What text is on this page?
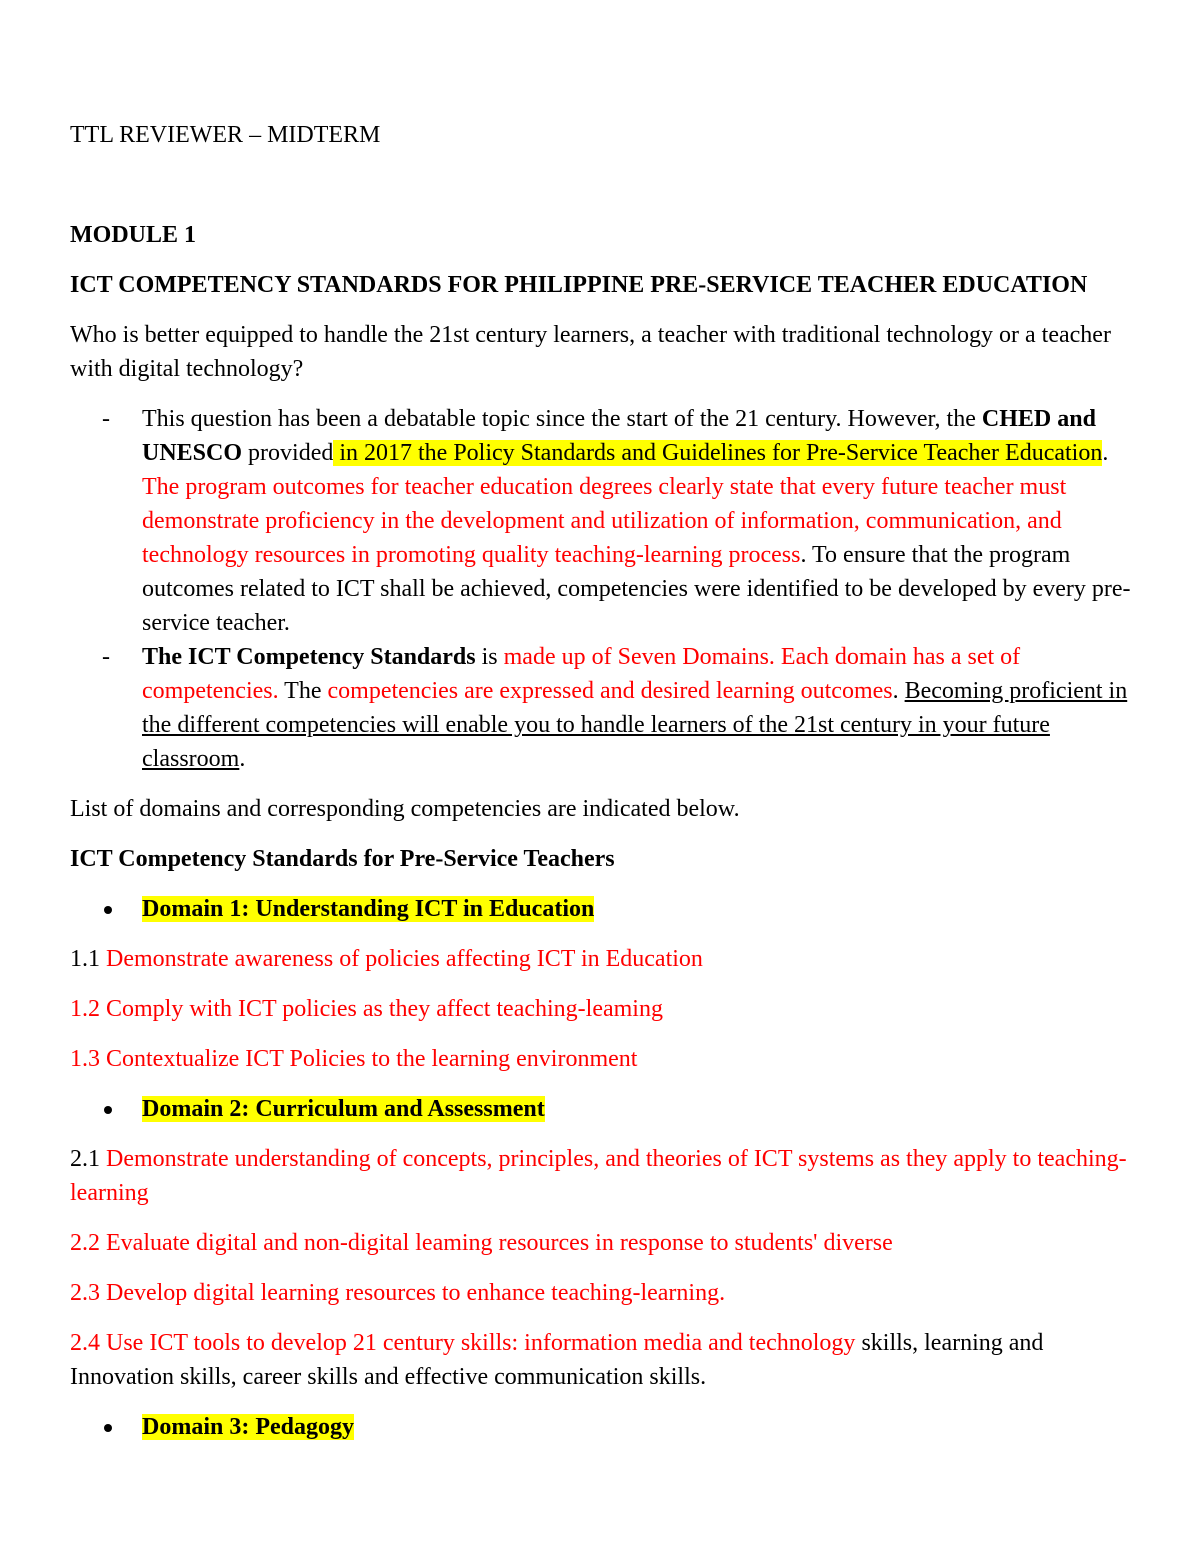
TTL REVIEWER – MIDTERM

MODULE 1

ICT COMPETENCY STANDARDS FOR PHILIPPINE PRE-SERVICE TEACHER EDUCATION

Who is better equipped to handle the 21st century learners, a teacher with traditional technology or a teacher with digital technology?

- This question has been a debatable topic since the start of the 21 century. However, the CHED and UNESCO provided in 2017 the Policy Standards and Guidelines for Pre-Service Teacher Education. The program outcomes for teacher education degrees clearly state that every future teacher must demonstrate proficiency in the development and utilization of information, communication, and technology resources in promoting quality teaching-learning process. To ensure that the program outcomes related to ICT shall be achieved, competencies were identified to be developed by every pre-service teacher.
- The ICT Competency Standards is made up of Seven Domains. Each domain has a set of competencies. The competencies are expressed and desired learning outcomes. Becoming proficient in the different competencies will enable you to handle learners of the 21st century in your future classroom.

List of domains and corresponding competencies are indicated below.

ICT Competency Standards for Pre-Service Teachers

Domain 1: Understanding ICT in Education

1.1 Demonstrate awareness of policies affecting ICT in Education

1.2 Comply with ICT policies as they affect teaching-leaming

1.3 Contextualize ICT Policies to the learning environment

Domain 2: Curriculum and Assessment

2.1 Demonstrate understanding of concepts, principles, and theories of ICT systems as they apply to teaching-learning

2.2 Evaluate digital and non-digital leaming resources in response to students' diverse

2.3 Develop digital learning resources to enhance teaching-learning.

2.4 Use ICT tools to develop 21 century skills: information media and technology skills, learning and Innovation skills, career skills and effective communication skills.

Domain 3: Pedagogy
